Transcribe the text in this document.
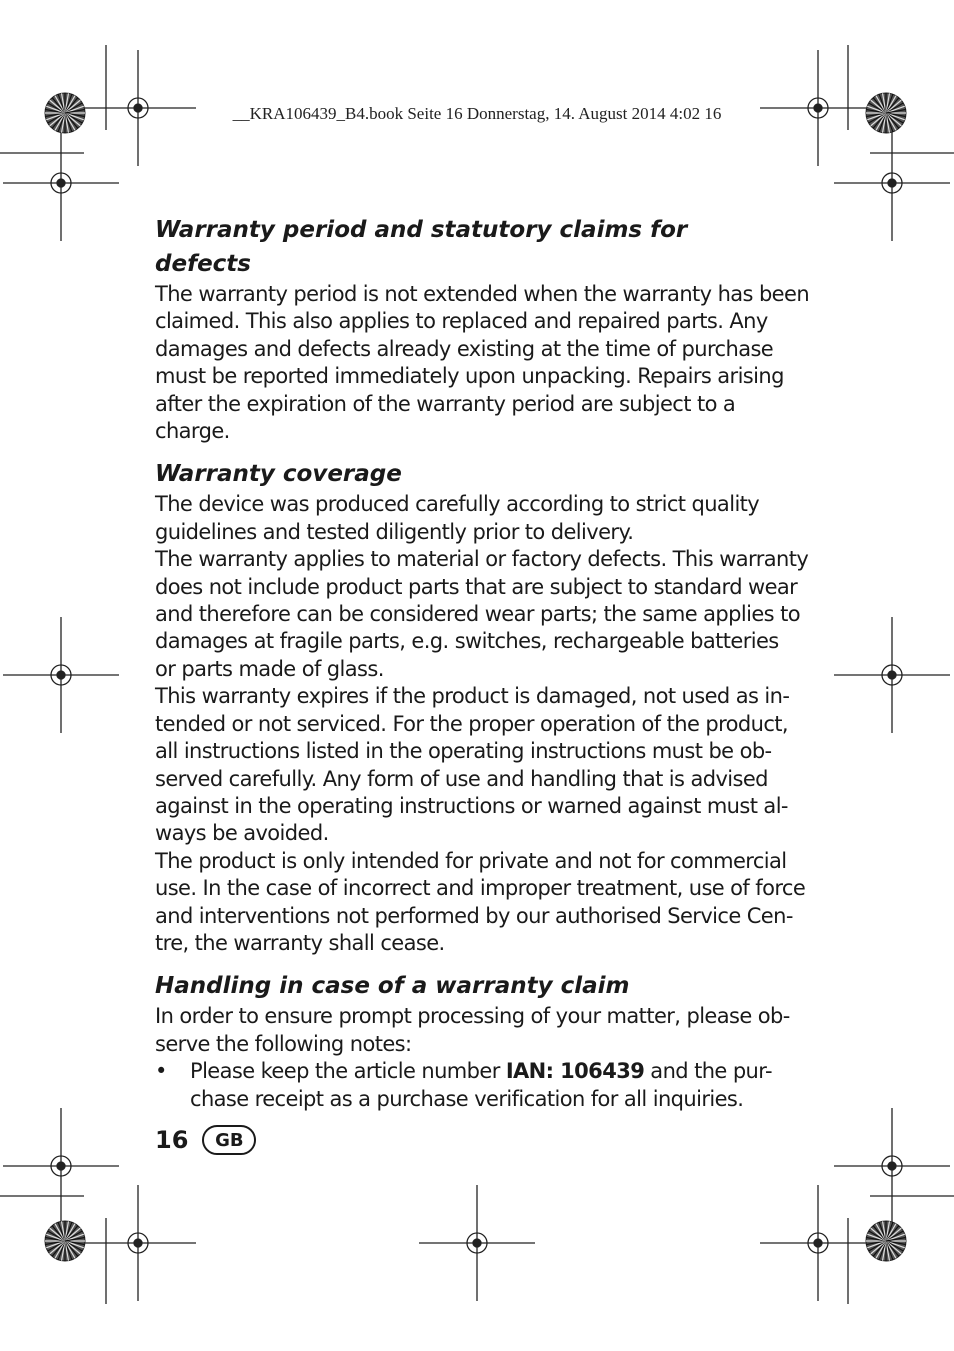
__KRA106439_B4.book Seite 16 Donnerstag, 14. August 2014 4:02 16
Warranty period and statutory claims for defects
The warranty period is not extended when the warranty has been
claimed. This also applies to replaced and repaired parts. Any
damages and defects already existing at the time of purchase
must be reported immediately upon unpacking. Repairs arising
after the expiration of the warranty period are subject to a
charge.
Warranty coverage
The device was produced carefully according to strict quality
guidelines and tested diligently prior to delivery.
The warranty applies to material or factory defects. This warranty
does not include product parts that are subject to standard wear
and therefore can be considered wear parts; the same applies to
damages at fragile parts, e.g. switches, rechargeable batteries
or parts made of glass.
This warranty expires if the product is damaged, not used as in-
tended or not serviced. For the proper operation of the product,
all instructions listed in the operating instructions must be ob-
served carefully. Any form of use and handling that is advised
against in the operating instructions or warned against must al-
ways be avoided.
The product is only intended for private and not for commercial
use. In the case of incorrect and improper treatment, use of force
and interventions not performed by our authorised Service Cen-
tre, the warranty shall cease.
Handling in case of a warranty claim
In order to ensure prompt processing of your matter, please ob-
serve the following notes:
• Please keep the article number IAN: 106439 and the pur-
chase receipt as a purchase verification for all inquiries.
16	GB
